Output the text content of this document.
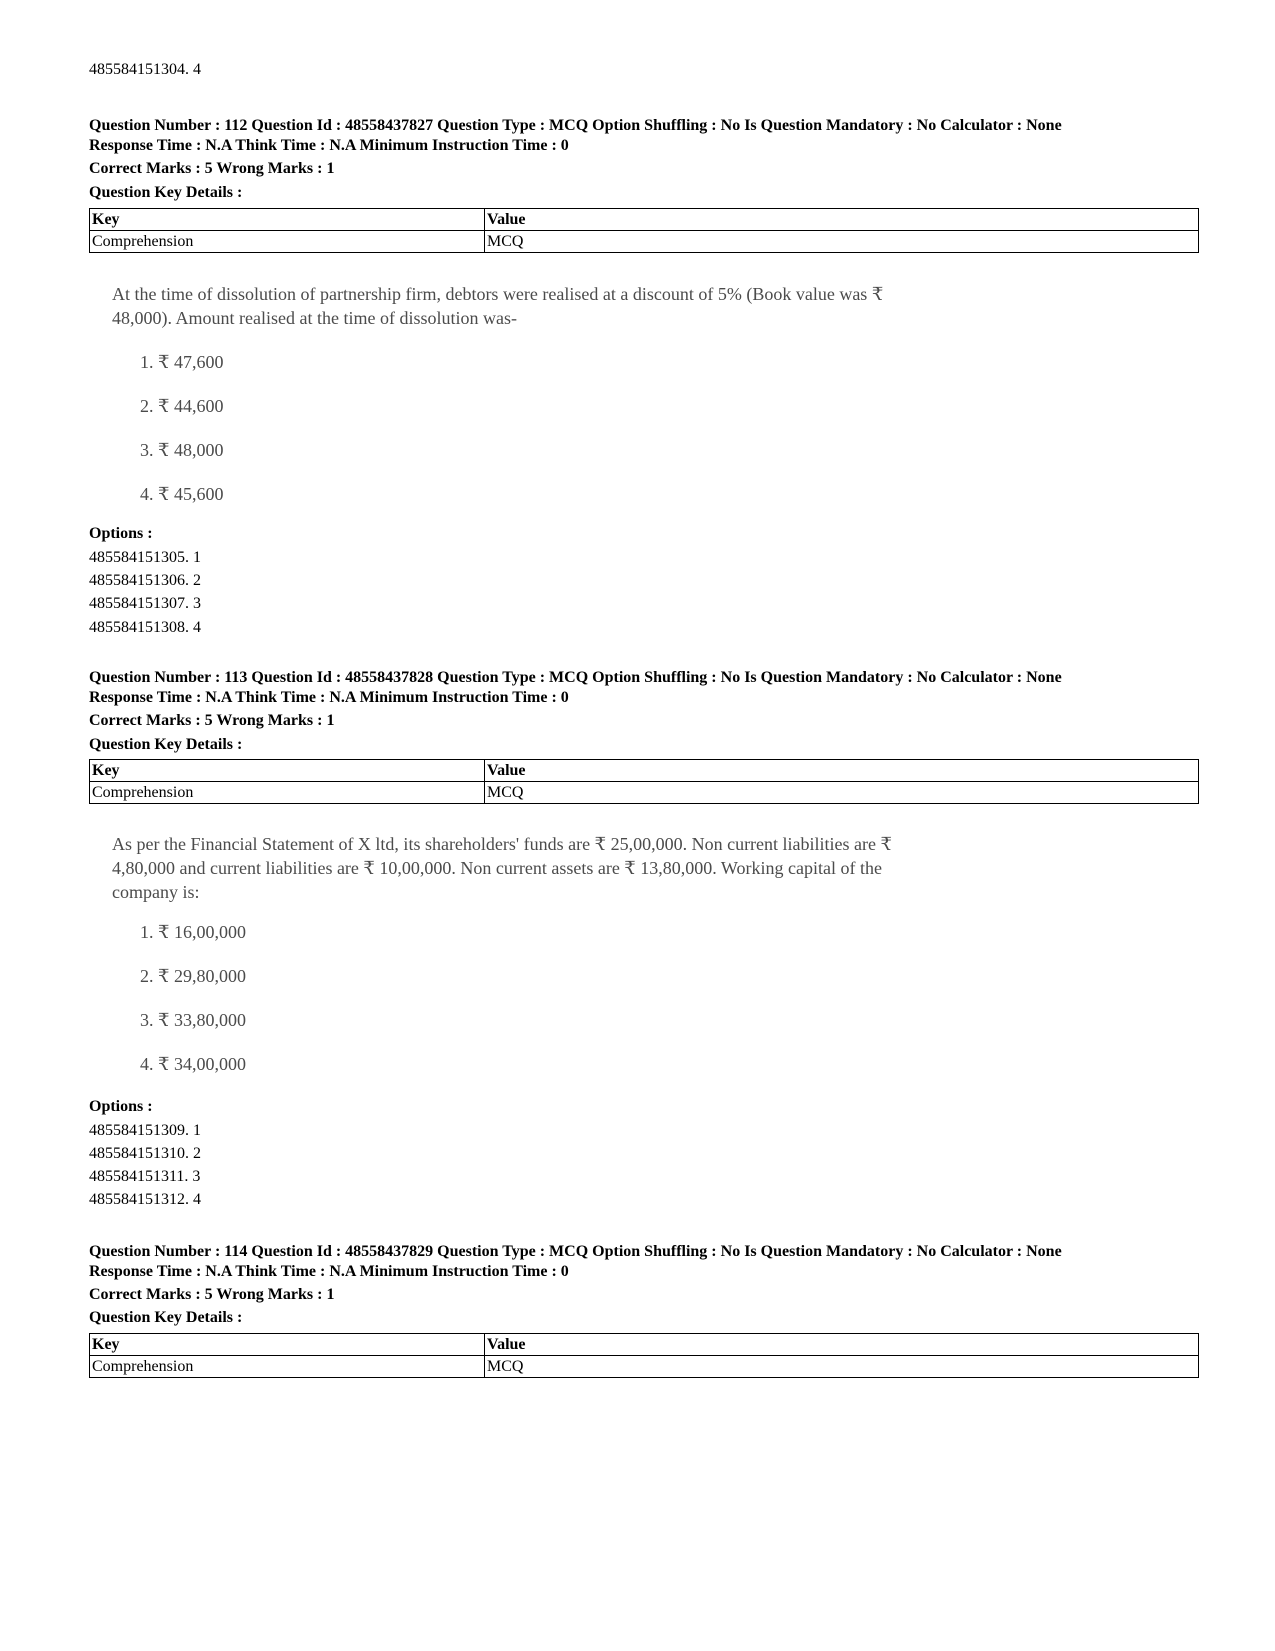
485584151304. 4
Question Number : 112 Question Id : 48558437827 Question Type : MCQ Option Shuffling : No Is Question Mandatory : No Calculator : None
Response Time : N.A Think Time : N.A Minimum Instruction Time : 0
Correct Marks : 5 Wrong Marks : 1
Question Key Details :
Key	Value
Comprehension	MCQ
At the time of dissolution of partnership firm, debtors were realised at a discount of 5% (Book value was ₹
48,000). Amount realised at the time of dissolution was-
1. ₹ 47,600
2. ₹ 44,600
3. ₹ 48,000
4. ₹ 45,600
Options :
485584151305. 1
485584151306. 2
485584151307. 3
485584151308. 4
Question Number : 113 Question Id : 48558437828 Question Type : MCQ Option Shuffling : No Is Question Mandatory : No Calculator : None
Response Time : N.A Think Time : N.A Minimum Instruction Time : 0
Correct Marks : 5 Wrong Marks : 1
Question Key Details :
Key	Value
Comprehension	MCQ
As per the Financial Statement of X ltd, its shareholders' funds are ₹ 25,00,000. Non current liabilities are ₹
4,80,000 and current liabilities are ₹ 10,00,000. Non current assets are ₹ 13,80,000. Working capital of the
company is:
1. ₹ 16,00,000
2. ₹ 29,80,000
3. ₹ 33,80,000
4. ₹ 34,00,000
Options :
485584151309. 1
485584151310. 2
485584151311. 3
485584151312. 4
Question Number : 114 Question Id : 48558437829 Question Type : MCQ Option Shuffling : No Is Question Mandatory : No Calculator : None
Response Time : N.A Think Time : N.A Minimum Instruction Time : 0
Correct Marks : 5 Wrong Marks : 1
Question Key Details :
Key	Value
Comprehension	MCQ
